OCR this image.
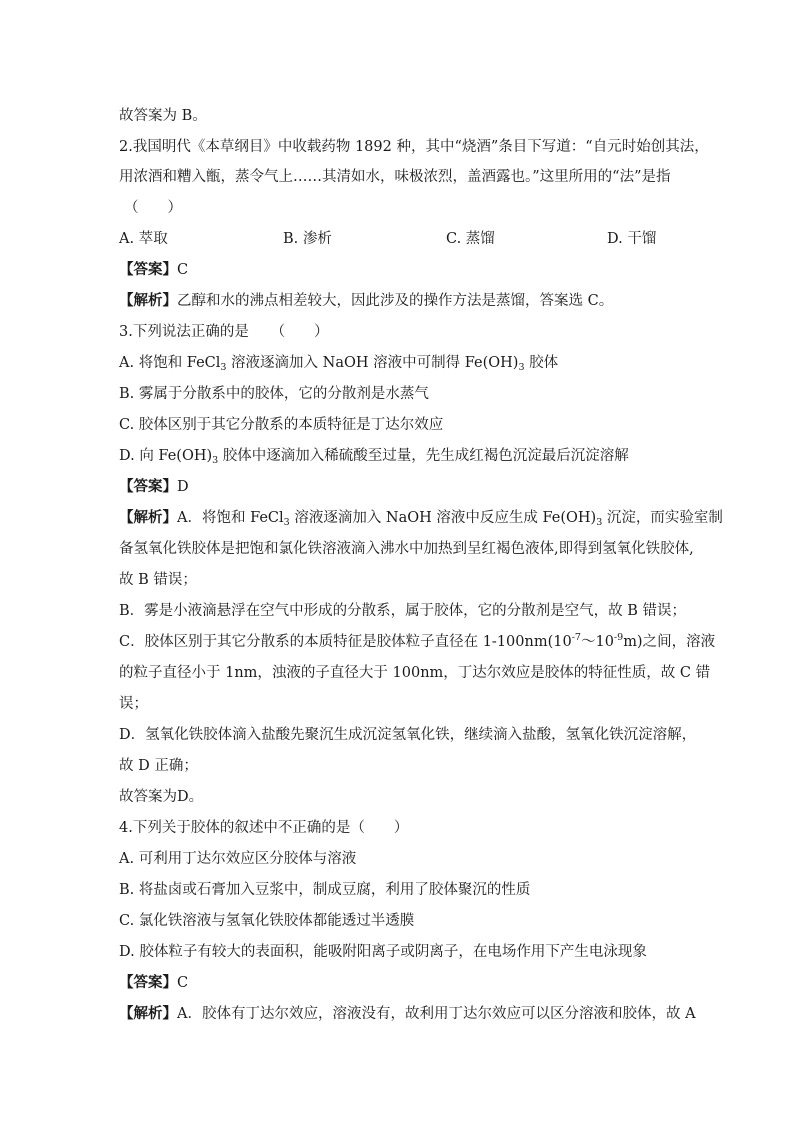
故答案为 B。
2.我国明代《本草纲目》中收载药物 1892 种，其中“烧酒”条目下写道：“自元时始创其法，
用浓酒和糟入甑，蒸令气上……其清如水，味极浓烈，盖酒露也。”这里所用的“法”是指
（　　）
A. 萃取	B. 渗析	C. 蒸馏	D. 干馏
【答案】C
【解析】乙醇和水的沸点相差较大，因此涉及的操作方法是蒸馏，答案选 C。
3.下列说法正确的是　　（　　）
A. 将饱和 FeCl$_3$ 溶液逐滴加入 NaOH 溶液中可制得 $Fe(OH)_3$ 胶体
B. 雾属于分散系中的胶体，它的分散剂是水蒸气
C. 胶体区别于其它分散系的本质特征是丁达尔效应
D. 向 $Fe(OH)_3$ 胶体中逐滴加入稀硫酸至过量，先生成红褐色沉淀最后沉淀溶解
【答案】D
【解析】A．将饱和 FeCl$_3$ 溶液逐滴加入 NaOH 溶液中反应生成 $Fe(OH)_3$ 沉淀，而实验室制
备氢氧化铁胶体是把饱和氯化铁溶液滴入沸水中加热到呈红褐色液体,即得到氢氧化铁胶体,
故 B 错误；
B．雾是小液滴悬浮在空气中形成的分散系，属于胶体，它的分散剂是空气，故 B 错误；
C．胶体区别于其它分散系的本质特征是胶体粒子直径在 $1-100nm(10^{-7}\sim 10^{-9}m)$之间，溶液
的粒子直径小于 1nm，浊液的子直径大于 100nm，丁达尔效应是胶体的特征性质，故 C 错
误；
D．氢氧化铁胶体滴入盐酸先聚沉生成沉淀氢氧化铁，继续滴入盐酸，氢氧化铁沉淀溶解，
故 D 正确；
故答案为D。
4.下列关于胶体的叙述中不正确的是（　　）
A. 可利用丁达尔效应区分胶体与溶液
B. 将盐卤或石膏加入豆浆中，制成豆腐，利用了胶体聚沉的性质
C. 氯化铁溶液与氢氧化铁胶体都能透过半透膜
D. 胶体粒子有较大的表面积，能吸附阳离子或阴离子，在电场作用下产生电泳现象
【答案】C
【解析】A．胶体有丁达尔效应，溶液没有，故利用丁达尔效应可以区分溶液和胶体，故 A
